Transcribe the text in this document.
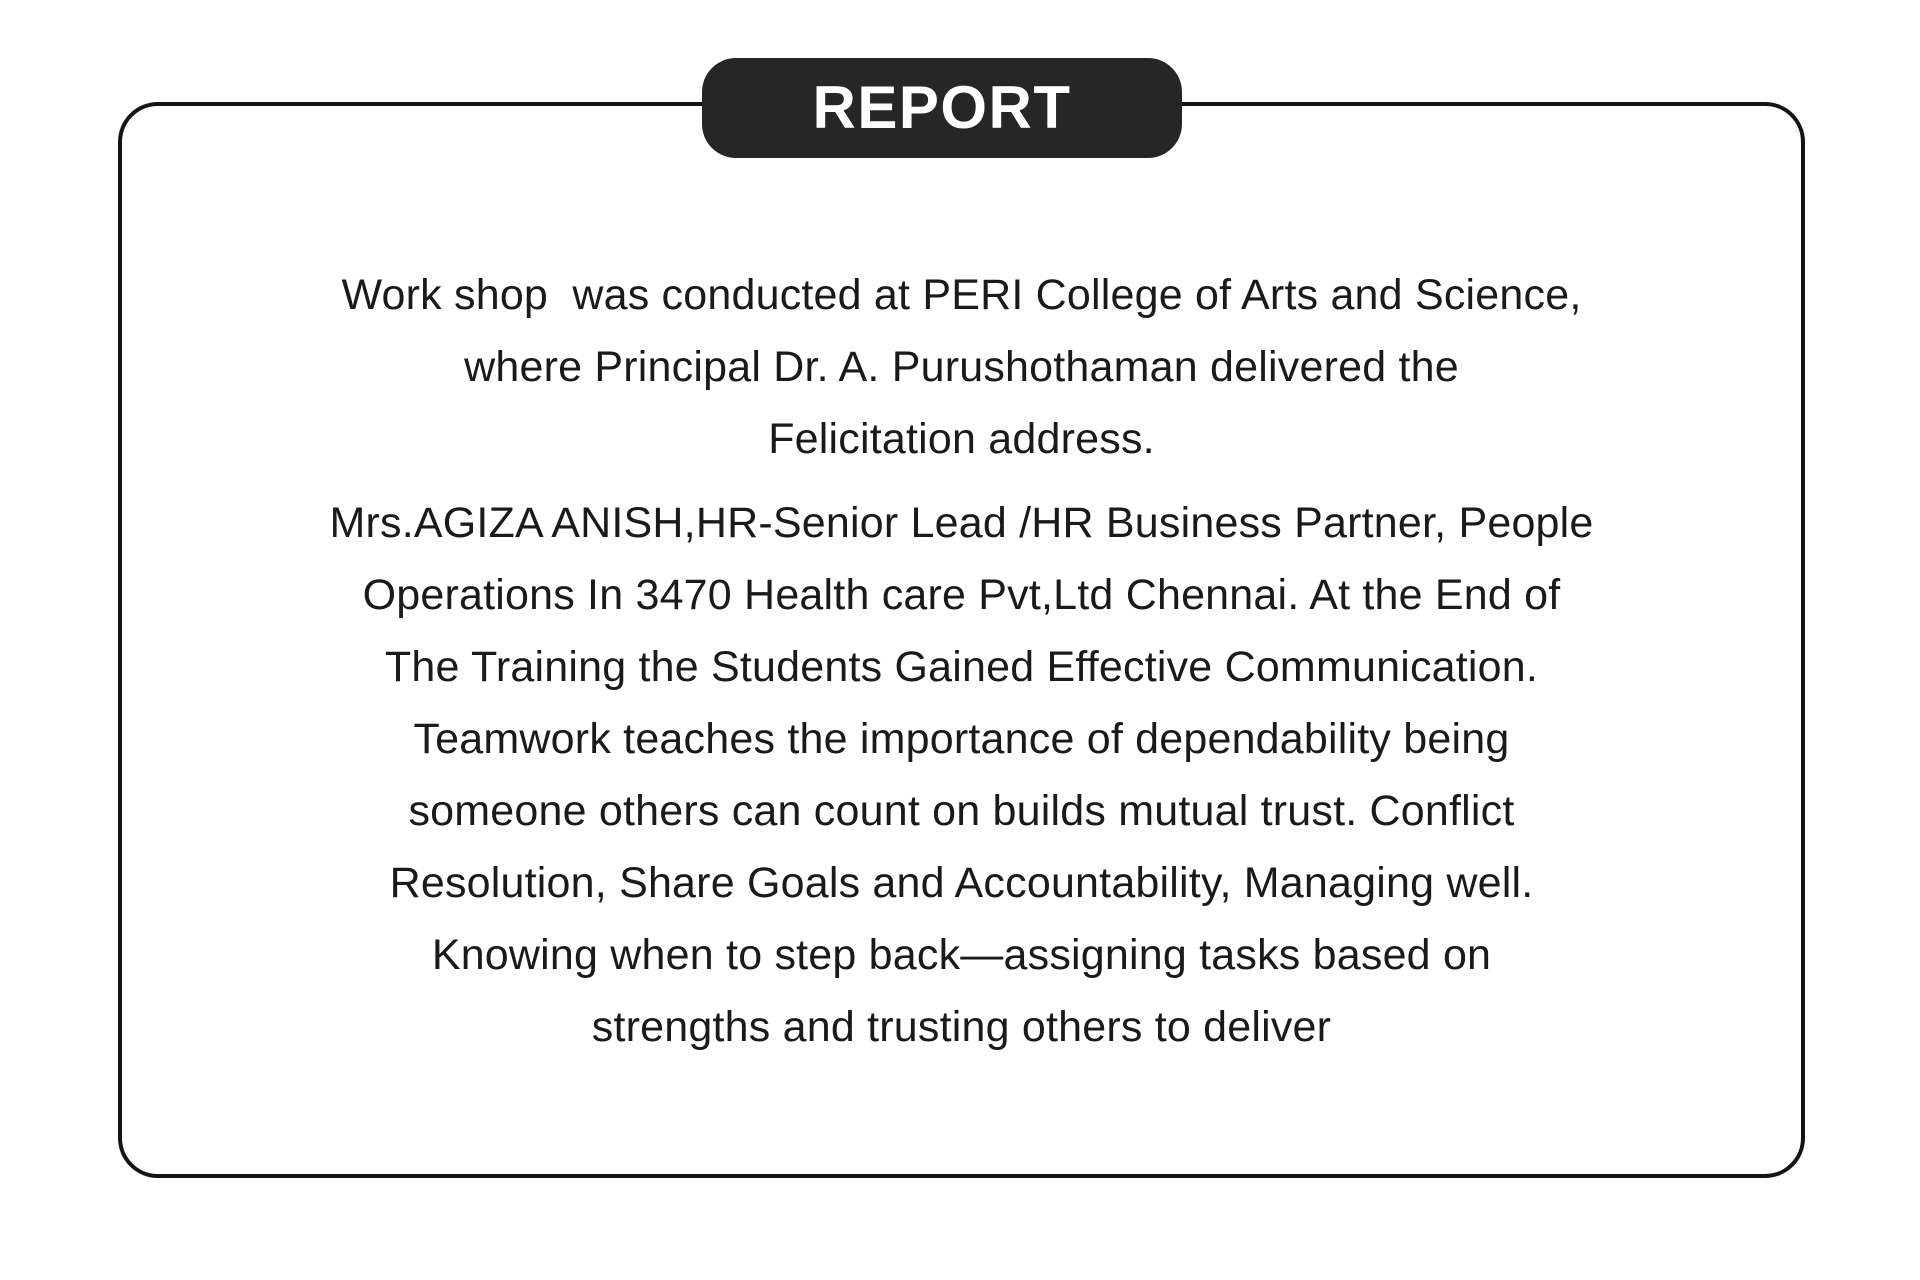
REPORT

Work shop  was conducted at PERI College of Arts and Science,
where Principal Dr. A. Purushothaman delivered the
Felicitation address.

Mrs.AGIZA ANISH,HR-Senior Lead /HR Business Partner, People
Operations In 3470 Health care Pvt,Ltd Chennai. At the End of
The Training the Students Gained Effective Communication.
Teamwork teaches the importance of dependability being
someone others can count on builds mutual trust. Conflict
Resolution, Share Goals and Accountability, Managing well.
Knowing when to step back—assigning tasks based on
strengths and trusting others to deliver
